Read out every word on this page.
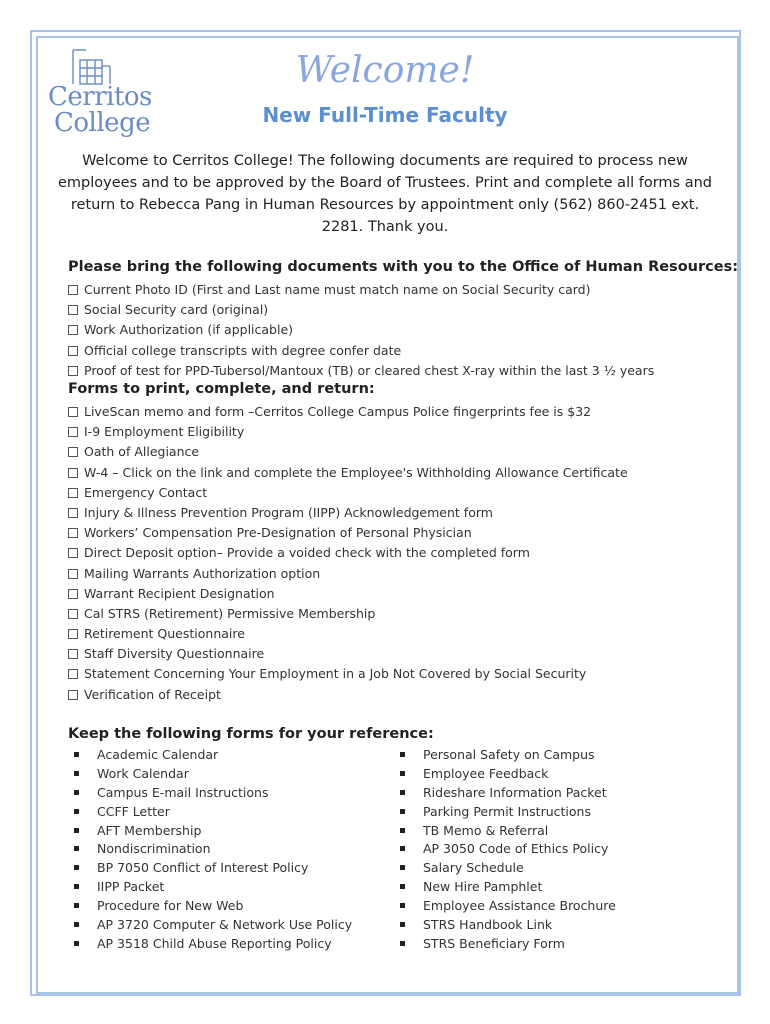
Cerritos
College
Welcome!
New Full-Time Faculty
Welcome to Cerritos College! The following documents are required to process new employees and to be approved by the Board of Trustees. Print and complete all forms and return to Rebecca Pang in Human Resources by appointment only (562) 860-2451 ext. 2281. Thank you.
Please bring the following documents with you to the Office of Human Resources:
Current Photo ID (First and Last name must match name on Social Security card)
Social Security card (original)
Work Authorization (if applicable)
Official college transcripts with degree confer date
Proof of test for PPD-Tubersol/Mantoux (TB) or cleared chest X-ray within the last 3 ½ years
Forms to print, complete, and return:
LiveScan memo and form –Cerritos College Campus Police fingerprints fee is $32
I-9 Employment Eligibility
Oath of Allegiance
W-4 – Click on the link and complete the Employee's Withholding Allowance Certificate
Emergency Contact
Injury & Illness Prevention Program (IIPP) Acknowledgement form
Workers’ Compensation Pre-Designation of Personal Physician
Direct Deposit option– Provide a voided check with the completed form
Mailing Warrants Authorization option
Warrant Recipient Designation
Cal STRS (Retirement) Permissive Membership
Retirement Questionnaire
Staff Diversity Questionnaire
Statement Concerning Your Employment in a Job Not Covered by Social Security
Verification of Receipt
Keep the following forms for your reference:
Academic Calendar
Work Calendar
Campus E-mail Instructions
CCFF Letter
AFT Membership
Nondiscrimination
BP 7050 Conflict of Interest Policy
IIPP Packet
Procedure for New Web
AP 3720 Computer & Network Use Policy
AP 3518 Child Abuse Reporting Policy
Personal Safety on Campus
Employee Feedback
Rideshare Information Packet
Parking Permit Instructions
TB Memo & Referral
AP 3050 Code of Ethics Policy
Salary Schedule
New Hire Pamphlet
Employee Assistance Brochure
STRS Handbook Link
STRS Beneficiary Form
